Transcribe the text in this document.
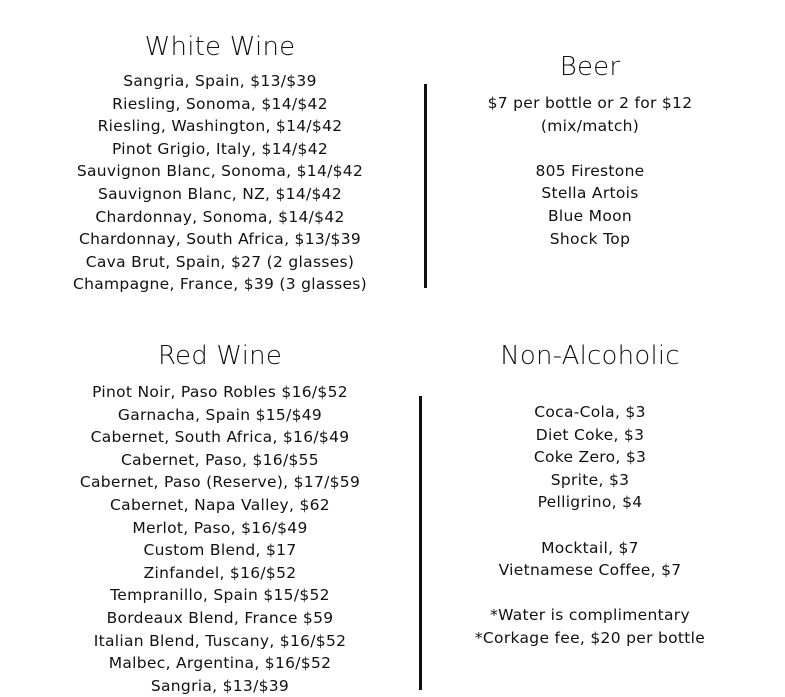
White Wine
Sangria, Spain, $13/$39
Riesling, Sonoma, $14/$42
Riesling, Washington, $14/$42
Pinot Grigio, Italy, $14/$42
Sauvignon Blanc, Sonoma, $14/$42
Sauvignon Blanc, NZ, $14/$42
Chardonnay, Sonoma, $14/$42
Chardonnay, South Africa, $13/$39
Cava Brut, Spain, $27 (2 glasses)
Champagne, France, $39 (3 glasses)
Beer
$7 per bottle or 2 for $12
(mix/match)
805 Firestone
Stella Artois
Blue Moon
Shock Top
Red Wine
Pinot Noir, Paso Robles $16/$52
Garnacha, Spain $15/$49
Cabernet, South Africa, $16/$49
Cabernet, Paso, $16/$55
Cabernet, Paso (Reserve), $17/$59
Cabernet, Napa Valley, $62
Merlot, Paso, $16/$49
Custom Blend, $17
Zinfandel, $16/$52
Tempranillo, Spain $15/$52
Bordeaux Blend, France $59
Italian Blend, Tuscany, $16/$52
Malbec, Argentina, $16/$52
Sangria, $13/$39
Non-Alcoholic
Coca-Cola, $3
Diet Coke, $3
Coke Zero, $3
Sprite, $3
Pelligrino, $4
Mocktail, $7
Vietnamese Coffee, $7
*Water is complimentary
*Corkage fee, $20 per bottle
